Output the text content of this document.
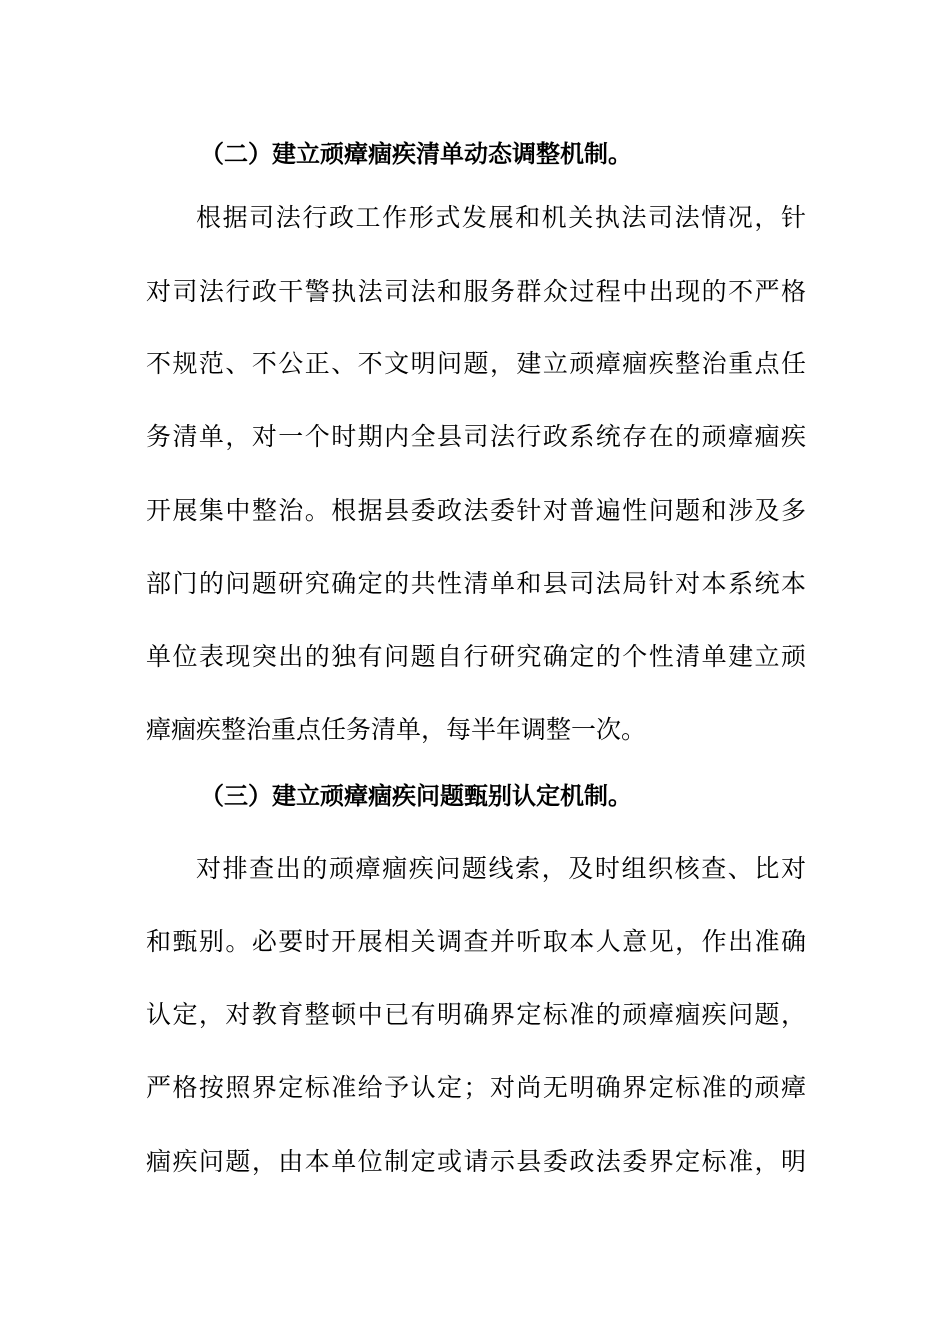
（二）建立顽瘴痼疾清单动态调整机制。
根据司法行政工作形式发展和机关执法司法情况，针
对司法行政干警执法司法和服务群众过程中出现的不严格
不规范、不公正、不文明问题，建立顽瘴痼疾整治重点任
务清单，对一个时期内全县司法行政系统存在的顽瘴痼疾
开展集中整治。根据县委政法委针对普遍性问题和涉及多
部门的问题研究确定的共性清单和县司法局针对本系统本
单位表现突出的独有问题自行研究确定的个性清单建立顽
瘴痼疾整治重点任务清单，每半年调整一次。
（三）建立顽瘴痼疾问题甄别认定机制。
对排查出的顽瘴痼疾问题线索，及时组织核查、比对
和甄别。必要时开展相关调查并听取本人意见，作出准确
认定，对教育整顿中已有明确界定标准的顽瘴痼疾问题，
严格按照界定标准给予认定；对尚无明确界定标准的顽瘴
痼疾问题，由本单位制定或请示县委政法委界定标准，明
